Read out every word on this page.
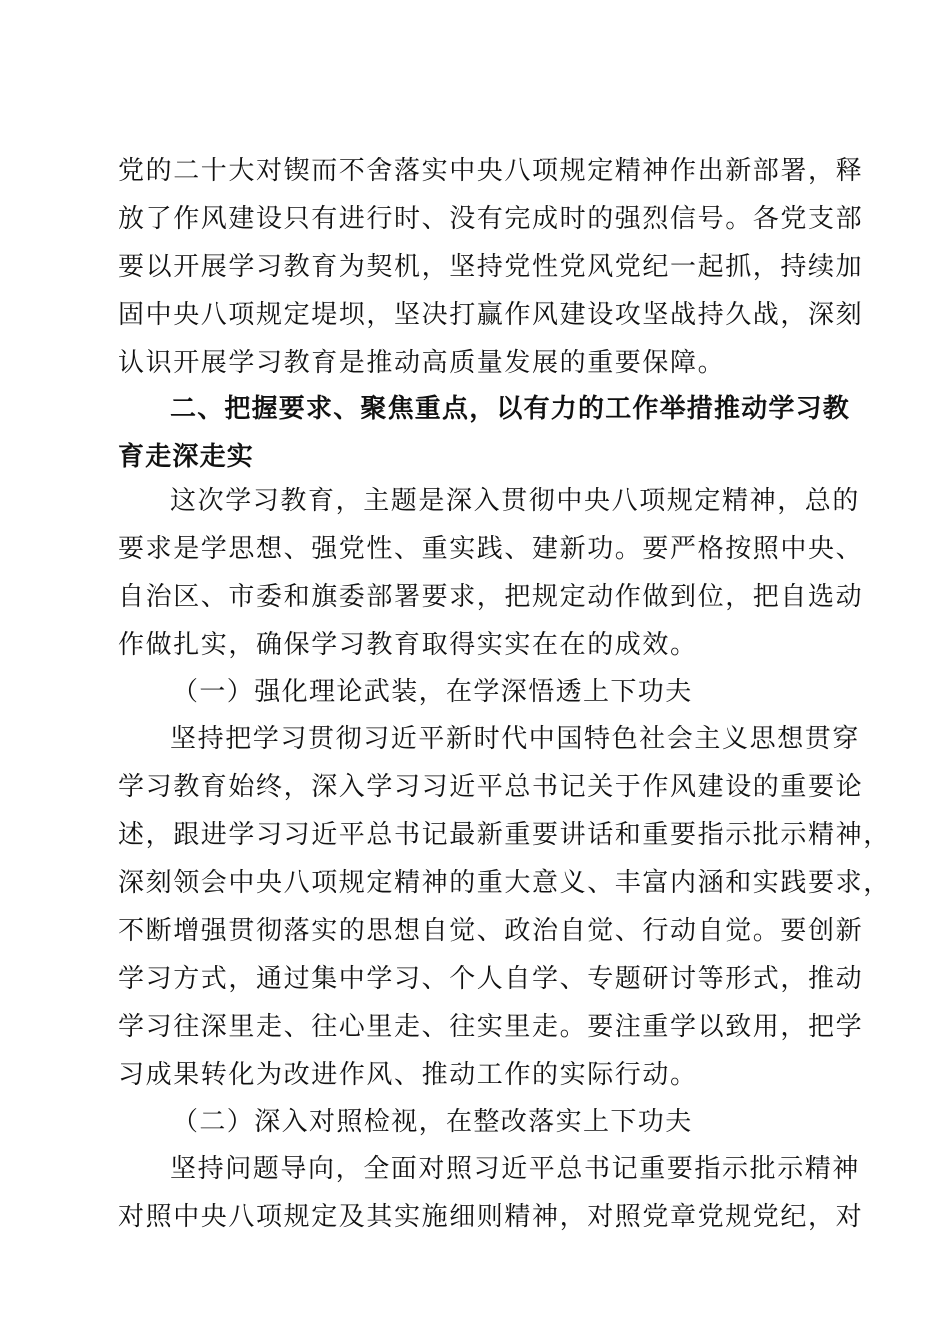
党的二十大对锲而不舍落实中央八项规定精神作出新部署，释
放了作风建设只有进行时、没有完成时的强烈信号。各党支部
要以开展学习教育为契机，坚持党性党风党纪一起抓，持续加
固中央八项规定堤坝，坚决打赢作风建设攻坚战持久战，深刻
认识开展学习教育是推动高质量发展的重要保障。
二、把握要求、聚焦重点，以有力的工作举措推动学习教
育走深走实
这次学习教育，主题是深入贯彻中央八项规定精神，总的
要求是学思想、强党性、重实践、建新功。要严格按照中央、
自治区、市委和旗委部署要求，把规定动作做到位，把自选动
作做扎实，确保学习教育取得实实在在的成效。
（一）强化理论武装，在学深悟透上下功夫
坚持把学习贯彻习近平新时代中国特色社会主义思想贯穿
学习教育始终，深入学习习近平总书记关于作风建设的重要论
述，跟进学习习近平总书记最新重要讲话和重要指示批示精神，
深刻领会中央八项规定精神的重大意义、丰富内涵和实践要求，
不断增强贯彻落实的思想自觉、政治自觉、行动自觉。要创新
学习方式，通过集中学习、个人自学、专题研讨等形式，推动
学习往深里走、往心里走、往实里走。要注重学以致用，把学
习成果转化为改进作风、推动工作的实际行动。
（二）深入对照检视，在整改落实上下功夫
坚持问题导向，全面对照习近平总书记重要指示批示精神
对照中央八项规定及其实施细则精神，对照党章党规党纪，对
